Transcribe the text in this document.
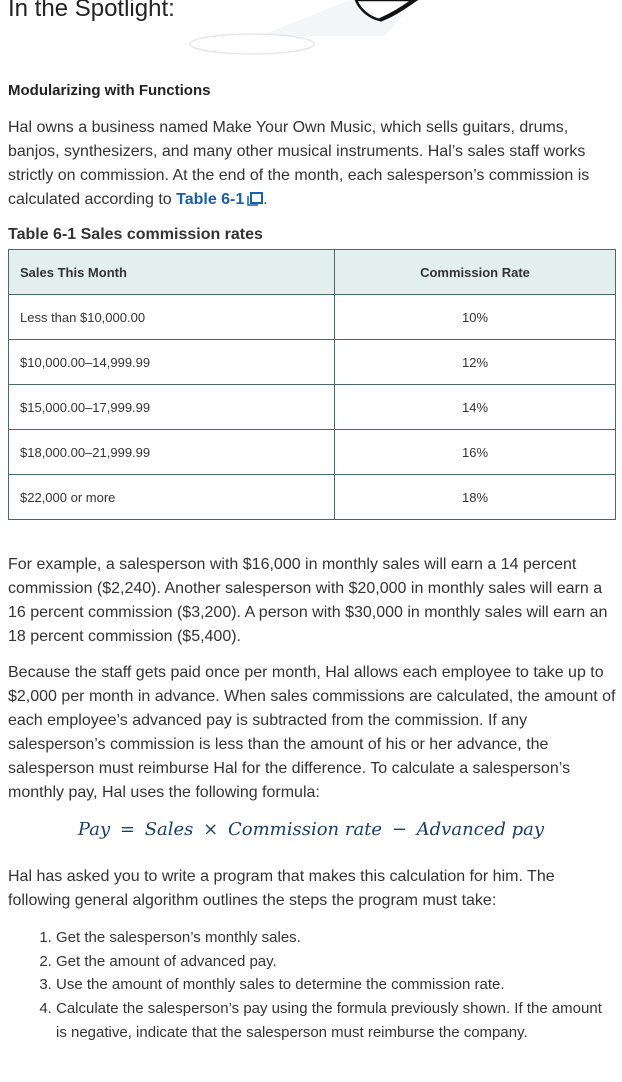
In the Spotlight:
Modularizing with Functions

Hal owns a business named Make Your Own Music, which sells guitars, drums, banjos, synthesizers, and many other musical instruments. Hal’s sales staff works strictly on commission. At the end of the month, each salesperson’s commission is calculated according to Table 6-1 .

Table 6-1 Sales commission rates
Sales This Month	Commission Rate
Less than $10,000.00	10%
$10,000.00–14,999.99	12%
$15,000.00–17,999.99	14%
$18,000.00–21,999.99	16%
$22,000 or more	18%

For example, a salesperson with $16,000 in monthly sales will earn a 14 percent commission ($2,240). Another salesperson with $20,000 in monthly sales will earn a 16 percent commission ($3,200). A person with $30,000 in monthly sales will earn an 18 percent commission ($5,400).

Because the staff gets paid once per month, Hal allows each employee to take up to $2,000 per month in advance. When sales commissions are calculated, the amount of each employee’s advanced pay is subtracted from the commission. If any salesperson’s commission is less than the amount of his or her advance, the salesperson must reimburse Hal for the difference. To calculate a salesperson’s monthly pay, Hal uses the following formula:

Pay = Sales × Commission rate − Advanced pay

Hal has asked you to write a program that makes this calculation for him. The following general algorithm outlines the steps the program must take:

1. Get the salesperson’s monthly sales.
2. Get the amount of advanced pay.
3. Use the amount of monthly sales to determine the commission rate.
4. Calculate the salesperson’s pay using the formula previously shown. If the amount is negative, indicate that the salesperson must reimburse the company.
